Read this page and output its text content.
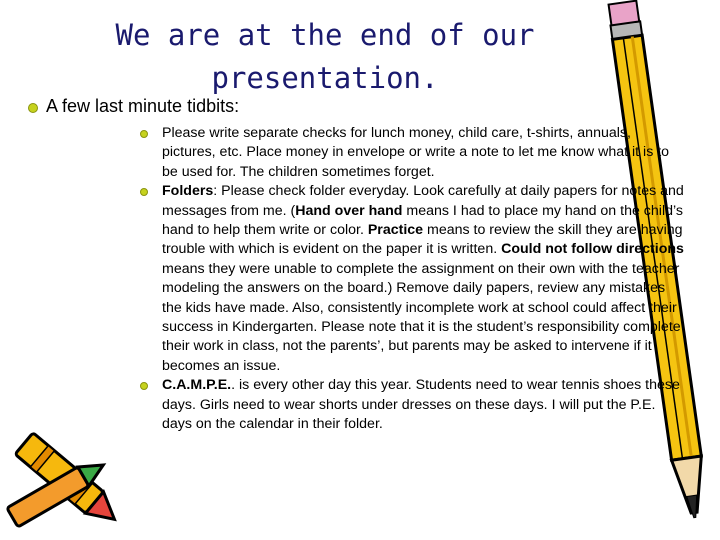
We are at the end of our
presentation.
A few last minute tidbits:
Please write separate checks for lunch money, child care, t-shirts, annuals, pictures, etc. Place money in envelope or write a note to let me know what it is to be used for. The children sometimes forget.
Folders: Please check folder everyday. Look carefully at daily papers for notes and messages from me. (Hand over hand means I had to place my hand on the child’s hand to help them write or color. Practice means to review the skill they are having trouble with which is evident on the paper it is written. Could not follow directions means they were unable to complete the assignment on their own with the teacher modeling the answers on the board.) Remove daily papers, review any mistakes the kids have made. Also, consistently incomplete work at school could affect their success in Kindergarten. Please note that it is the student’s responsibility complete their work in class, not the parents’, but parents may be asked to intervene if it becomes an issue.
C.A.M.P.E.. is every other day this year. Students need to wear tennis shoes these days. Girls need to wear shorts under dresses on these days. I will put the P.E. days on the calendar in their folder.
